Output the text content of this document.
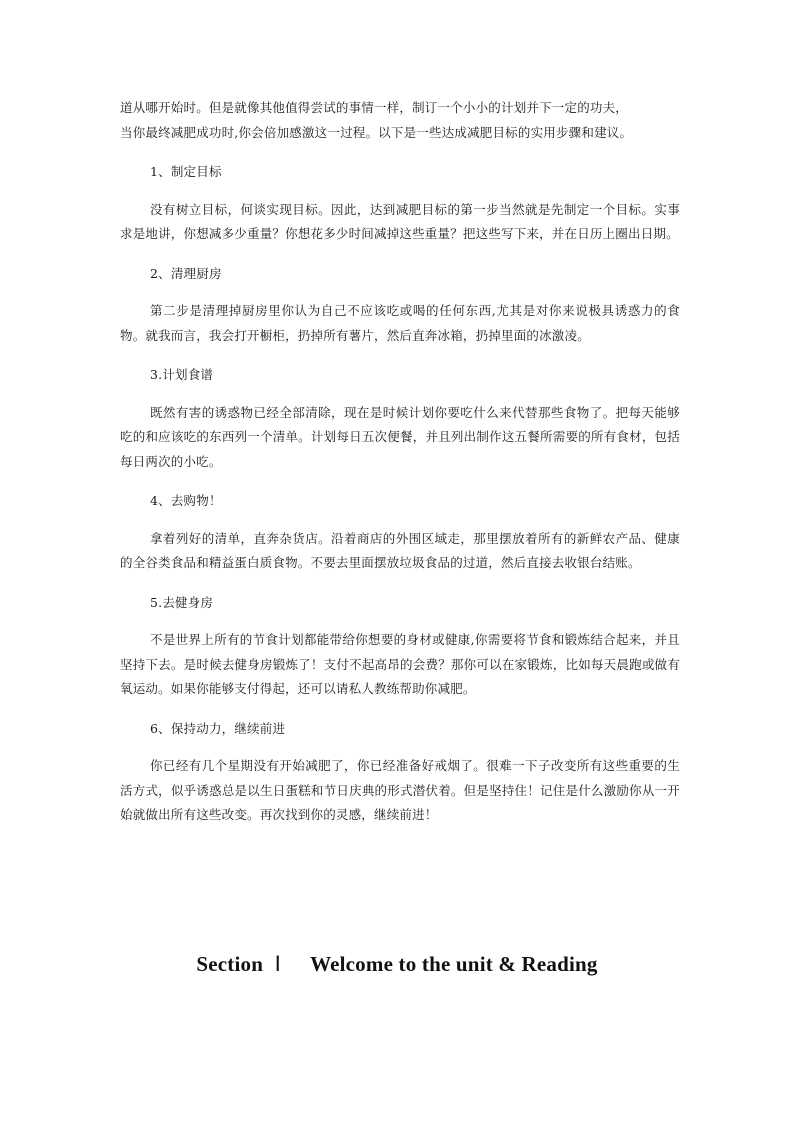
道从哪开始时。但是就像其他值得尝试的事情一样，制订一个小小的计划并下一定的功夫，

当你最终减肥成功时,你会倍加感激这一过程。以下是一些达成减肥目标的实用步骤和建议。

1、制定目标

没有树立目标，何谈实现目标。因此，达到减肥目标的第一步当然就是先制定一个目标。实事求是地讲，你想减多少重量？你想花多少时间减掉这些重量？把这些写下来，并在日历上圈出日期。

2、清理厨房

第二步是清理掉厨房里你认为自己不应该吃或喝的任何东西,尤其是对你来说极具诱惑力的食物。就我而言，我会打开橱柜，扔掉所有薯片，然后直奔冰箱，扔掉里面的冰激凌。

3.计划食谱

既然有害的诱惑物已经全部清除，现在是时候计划你要吃什么来代替那些食物了。把每天能够吃的和应该吃的东西列一个清单。计划每日五次便餐，并且列出制作这五餐所需要的所有食材，包括每日两次的小吃。

4、去购物！

拿着列好的清单，直奔杂货店。沿着商店的外围区域走，那里摆放着所有的新鲜农产品、健康的全谷类食品和精益蛋白质食物。不要去里面摆放垃圾食品的过道，然后直接去收银台结账。

5.去健身房

不是世界上所有的节食计划都能带给你想要的身材或健康,你需要将节食和锻炼结合起来，并且坚持下去。是时候去健身房锻炼了！支付不起高昂的会费？那你可以在家锻炼，比如每天晨跑或做有氧运动。如果你能够支付得起，还可以请私人教练帮助你减肥。

6、保持动力，继续前进

你已经有几个星期没有开始减肥了，你已经准备好戒烟了。很难一下子改变所有这些重要的生活方式，似乎诱惑总是以生日蛋糕和节日庆典的形式潜伏着。但是坚持住！记住是什么激励你从一开始就做出所有这些改变。再次找到你的灵感，继续前进！

Section Ⅰ Welcome to the unit & Reading
